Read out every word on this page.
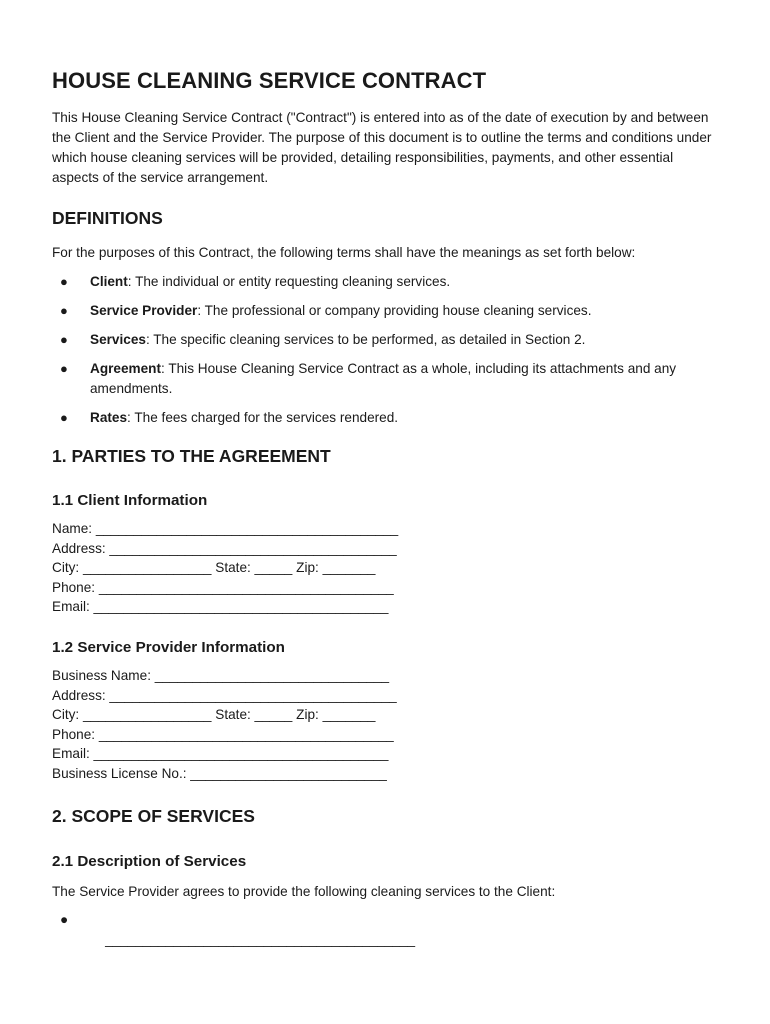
HOUSE CLEANING SERVICE CONTRACT

This House Cleaning Service Contract ("Contract") is entered into as of the date of execution by and between the Client and the Service Provider. The purpose of this document is to outline the terms and conditions under which house cleaning services will be provided, detailing responsibilities, payments, and other essential aspects of the service arrangement.

DEFINITIONS

For the purposes of this Contract, the following terms shall have the meanings as set forth below:

● Client: The individual or entity requesting cleaning services.
● Service Provider: The professional or company providing house cleaning services.
● Services: The specific cleaning services to be performed, as detailed in Section 2.
● Agreement: This House Cleaning Service Contract as a whole, including its attachments and any amendments.
● Rates: The fees charged for the services rendered.
1. PARTIES TO THE AGREEMENT
1.1 Client Information
Name: ________________________________________
Address: ______________________________________
City: _________________ State: _____ Zip: _______
Phone: _______________________________________
Email: _______________________________________
1.2 Service Provider Information
Business Name: _______________________________
Address: ______________________________________
City: _________________ State: _____ Zip: _______
Phone: _______________________________________
Email: _______________________________________
Business License No.: __________________________
2. SCOPE OF SERVICES
2.1 Description of Services

The Service Provider agrees to provide the following cleaning services to the Client:

●
_________________________________________
